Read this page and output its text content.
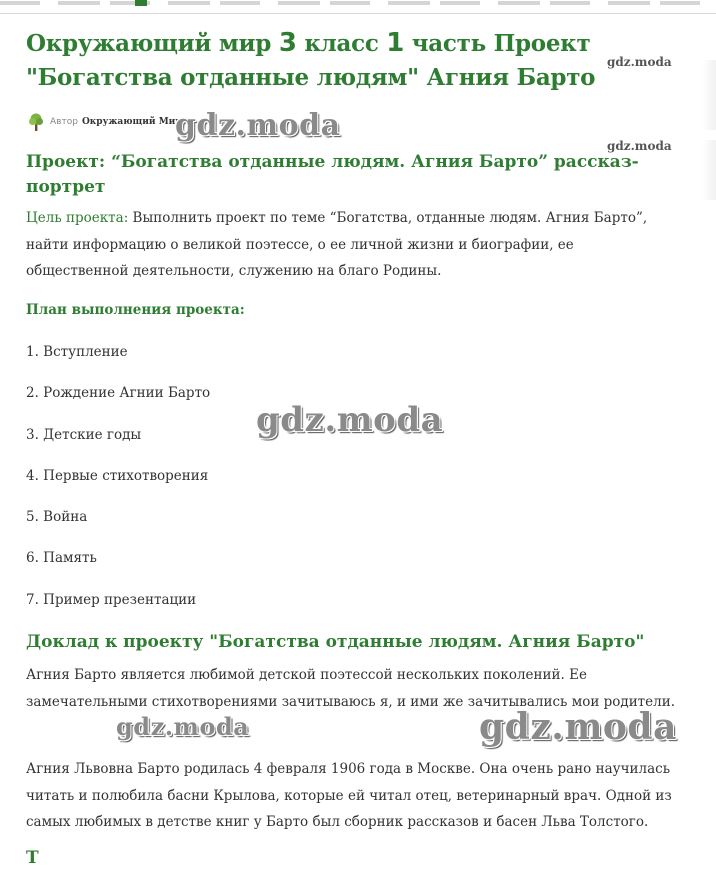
Окружающий мир 3 класс 1 часть Проект "Богатства отданные людям" Агния Барто
Автор Окружающий Мир
Проект: “Богатства отданные людям. Агния Барто” рассказ-портрет

Цель проекта: Выполнить проект по теме “Богатства, отданные людям. Агния Барто”, найти информацию о великой поэтессе, о ее личной жизни и биографии, ее общественной деятельности, служению на благо Родины.

План выполнения проекта:
1. Вступление
2. Рождение Агнии Барто
3. Детские годы
4. Первые стихотворения
5. Война
6. Память
7. Пример презентации
Доклад к проекту "Богатства отданные людям. Агния Барто"

Агния Барто является любимой детской поэтессой нескольких поколений. Ее замечательными стихотворениями зачитываюсь я, и ими же зачитывались мои родители.

Агния Львовна Барто родилась 4 февраля 1906 года в Москве. Она очень рано научилась читать и полюбила басни Крылова, которые ей читал отец, ветеринарный врач. Одной из самых любимых в детстве книг у Барто был сборник рассказов и басен Льва Толстого.

Т
gdz.moda
gdz.moda
gdz.moda
gdz.moda
gdz.moda	gdz.moda
